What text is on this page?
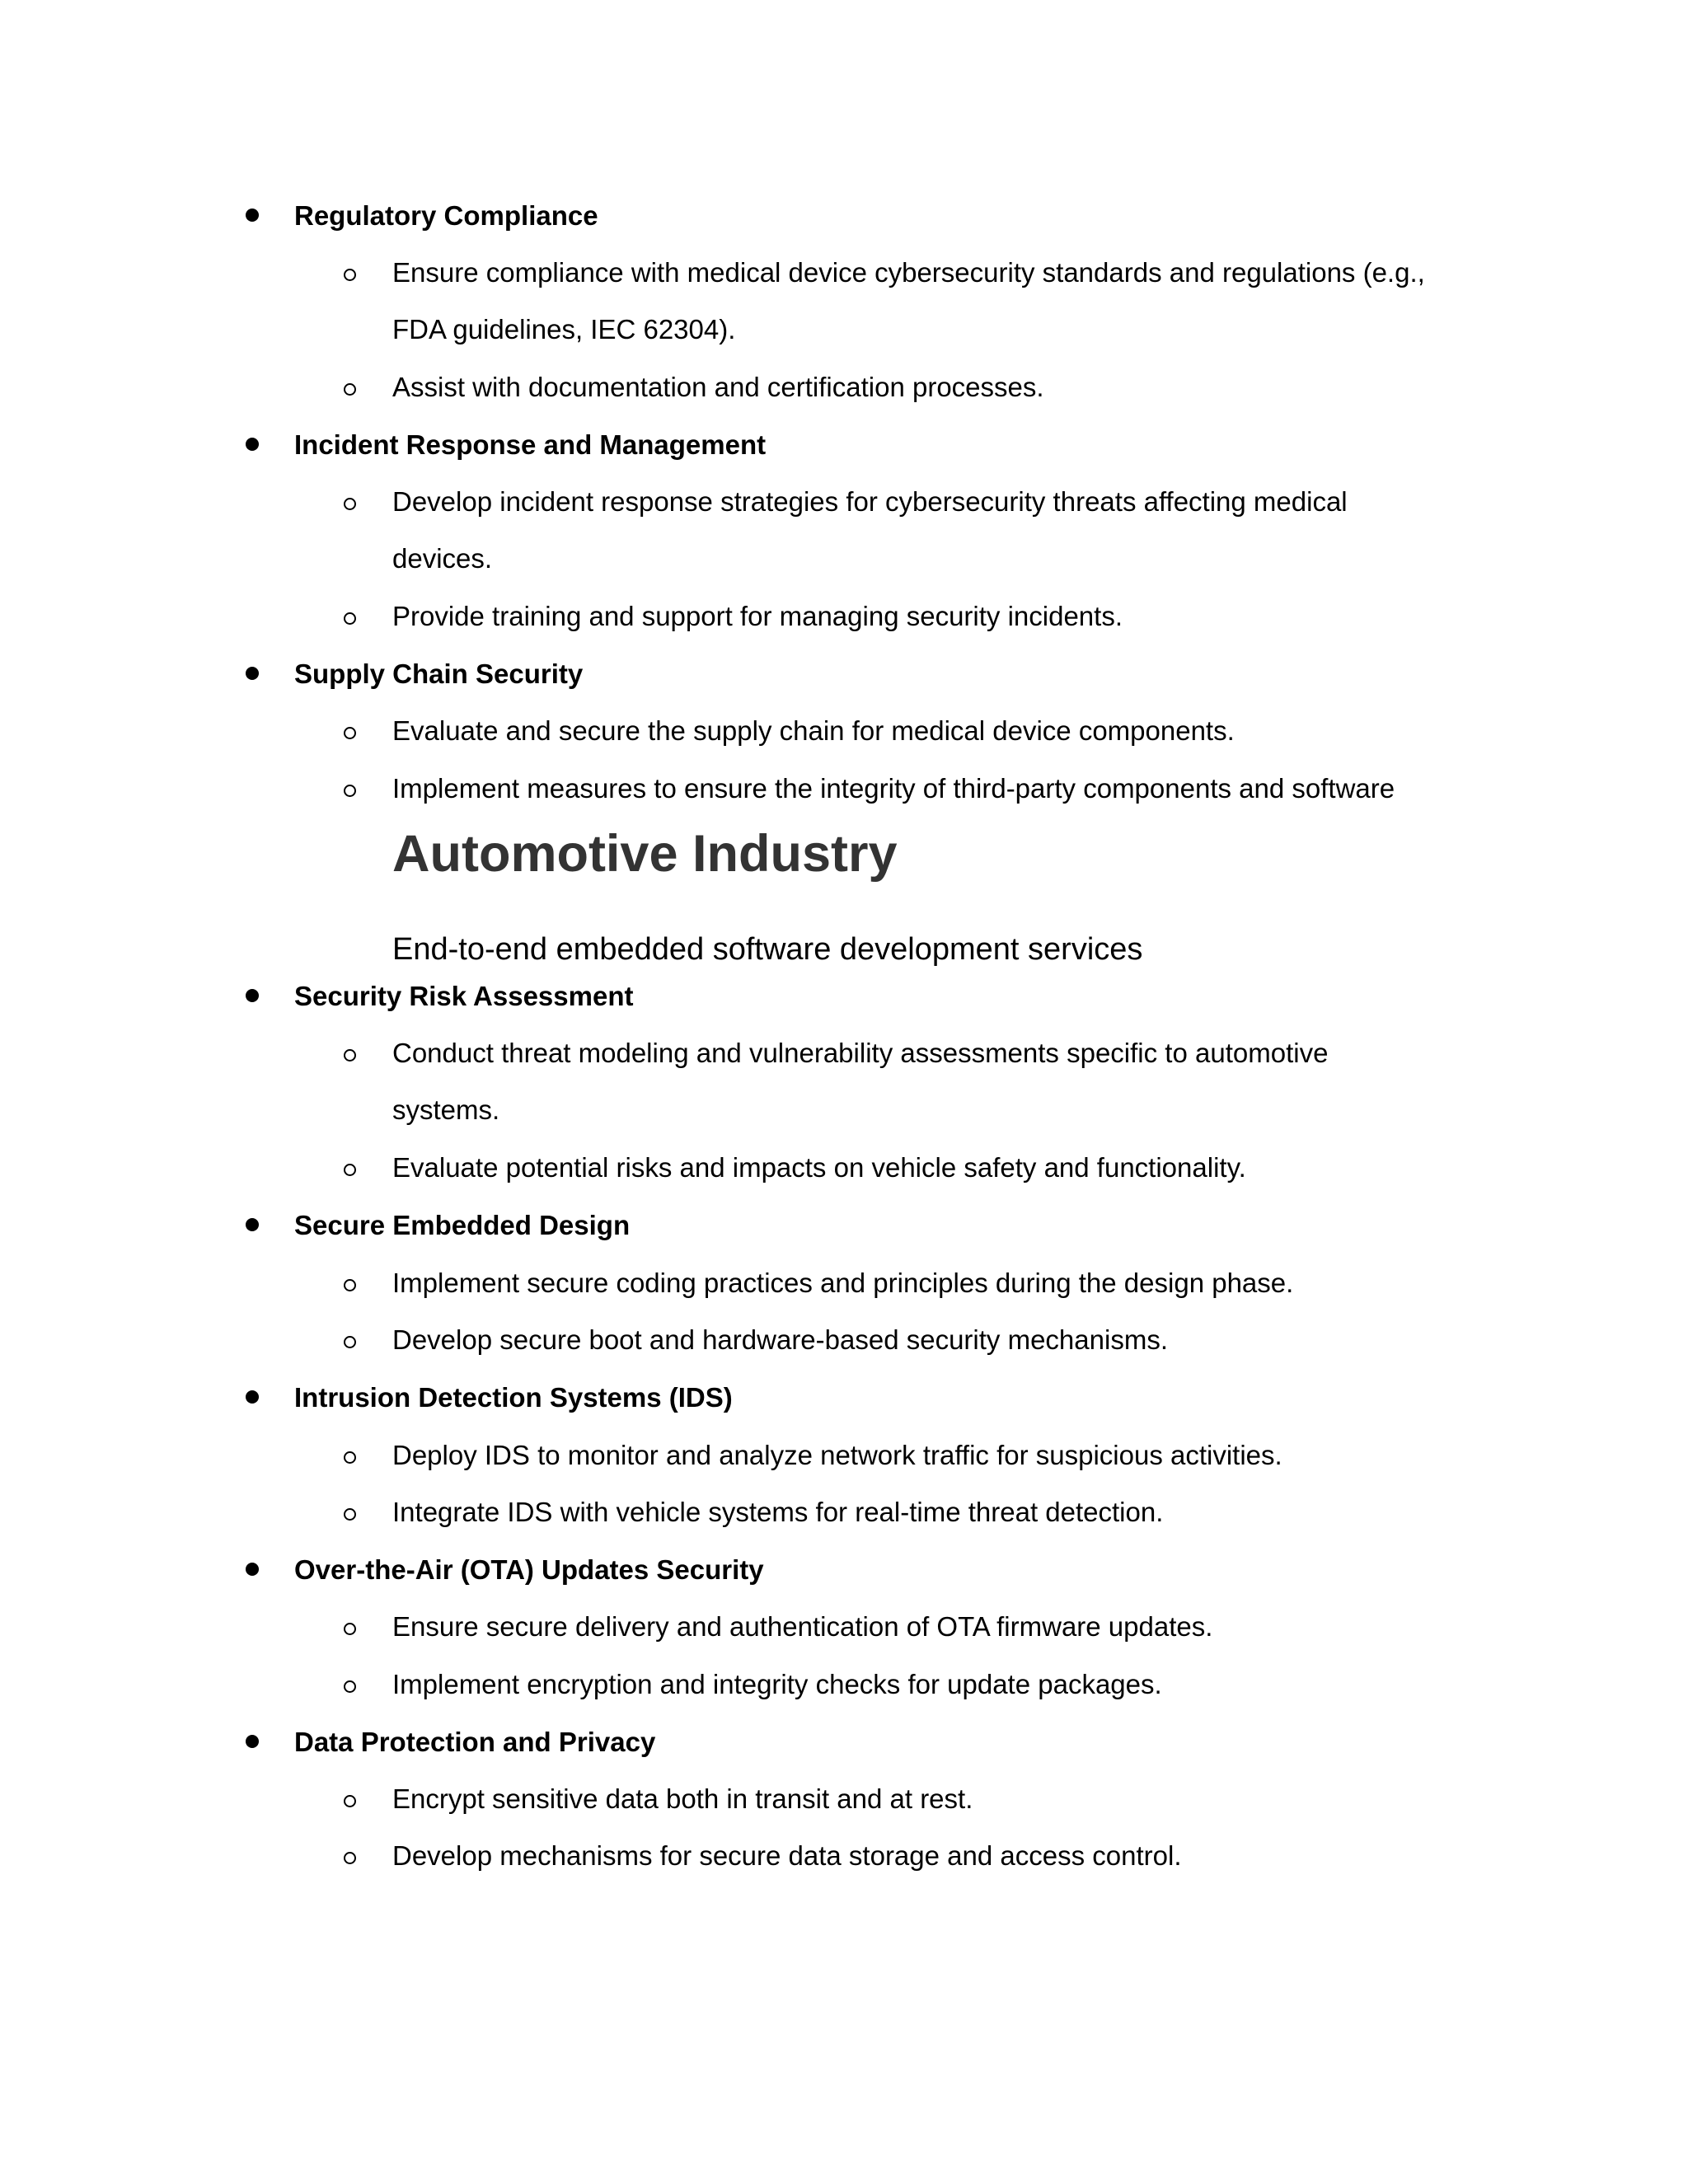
Regulatory Compliance
Ensure compliance with medical device cybersecurity standards and regulations (e.g.,
FDA guidelines, IEC 62304).
Assist with documentation and certification processes.
Incident Response and Management
Develop incident response strategies for cybersecurity threats affecting medical
devices.
Provide training and support for managing security incidents.
Supply Chain Security
Evaluate and secure the supply chain for medical device components.
Implement measures to ensure the integrity of third-party components and software
Automotive Industry
End-to-end embedded software development services
Security Risk Assessment
Conduct threat modeling and vulnerability assessments specific to automotive
systems.
Evaluate potential risks and impacts on vehicle safety and functionality.
Secure Embedded Design
Implement secure coding practices and principles during the design phase.
Develop secure boot and hardware-based security mechanisms.
Intrusion Detection Systems (IDS)
Deploy IDS to monitor and analyze network traffic for suspicious activities.
Integrate IDS with vehicle systems for real-time threat detection.
Over-the-Air (OTA) Updates Security
Ensure secure delivery and authentication of OTA firmware updates.
Implement encryption and integrity checks for update packages.
Data Protection and Privacy
Encrypt sensitive data both in transit and at rest.
Develop mechanisms for secure data storage and access control.
